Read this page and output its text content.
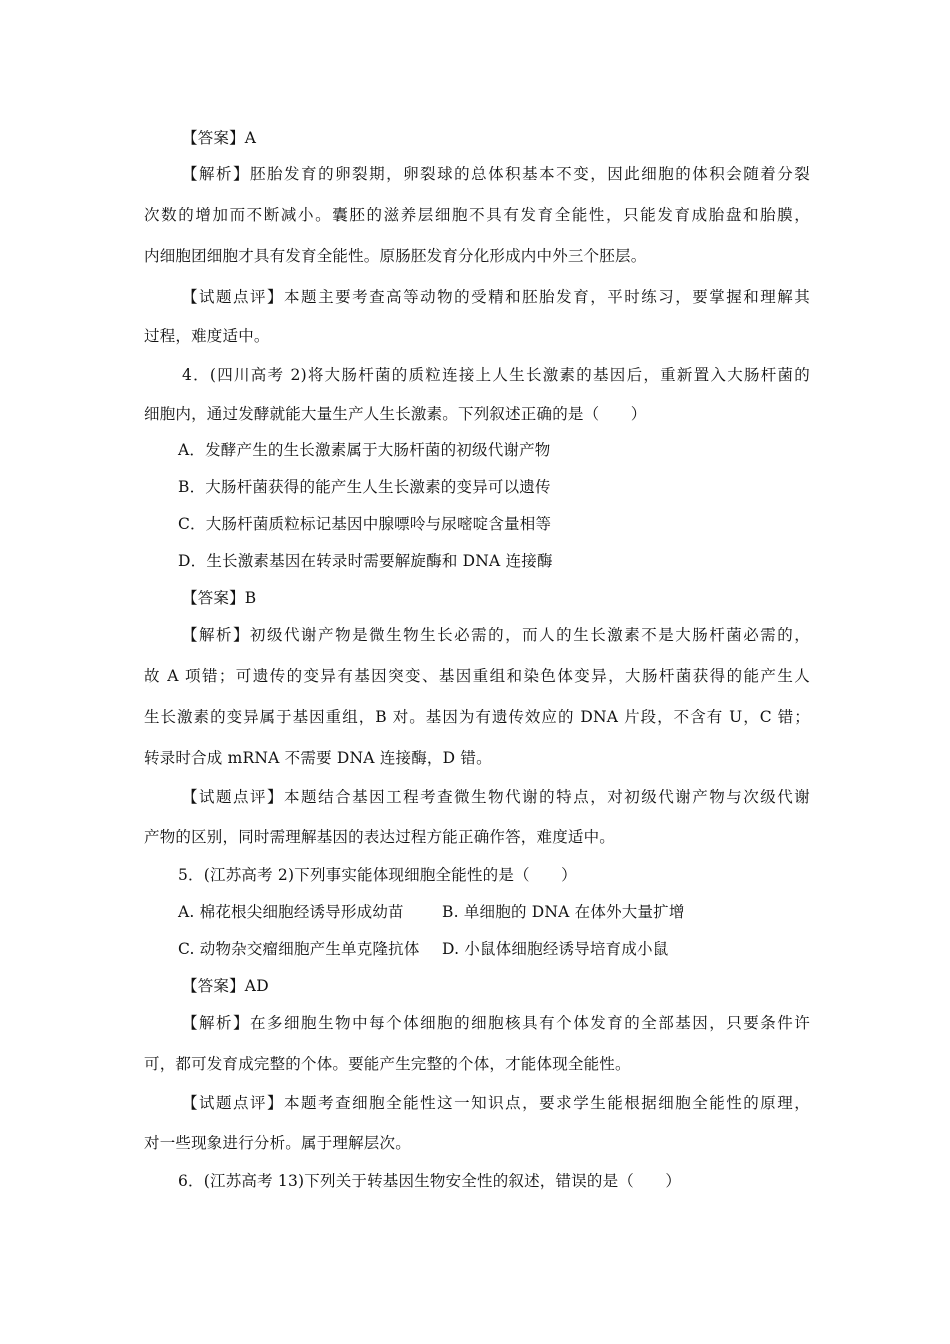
【答案】A
【解析】胚胎发育的卵裂期，卵裂球的总体积基本不变，因此细胞的体积会随着分裂
次数的增加而不断减小。囊胚的滋养层细胞不具有发育全能性，只能发育成胎盘和胎膜，
内细胞团细胞才具有发育全能性。原肠胚发育分化形成内中外三个胚层。
【试题点评】本题主要考查高等动物的受精和胚胎发育，平时练习，要掌握和理解其
过程，难度适中。
4．(四川高考 2)将大肠杆菌的质粒连接上人生长激素的基因后，重新置入大肠杆菌的
细胞内，通过发酵就能大量生产人生长激素。下列叙述正确的是（　　）
A．发酵产生的生长激素属于大肠杆菌的初级代谢产物
B．大肠杆菌获得的能产生人生长激素的变异可以遗传
C．大肠杆菌质粒标记基因中腺嘌呤与尿嘧啶含量相等
D．生长激素基因在转录时需要解旋酶和 DNA 连接酶
【答案】B
【解析】初级代谢产物是微生物生长必需的，而人的生长激素不是大肠杆菌必需的，
故 A 项错；可遗传的变异有基因突变、基因重组和染色体变异，大肠杆菌获得的能产生人
生长激素的变异属于基因重组，B 对。基因为有遗传效应的 DNA 片段，不含有 U，C 错；
转录时合成 mRNA 不需要 DNA 连接酶，D 错。
【试题点评】本题结合基因工程考查微生物代谢的特点，对初级代谢产物与次级代谢
产物的区别，同时需理解基因的表达过程方能正确作答，难度适中。
5．(江苏高考 2)下列事实能体现细胞全能性的是（　　）
A. 棉花根尖细胞经诱导形成幼苗 B. 单细胞的 DNA 在体外大量扩增
C. 动物杂交瘤细胞产生单克隆抗体 D. 小鼠体细胞经诱导培育成小鼠
【答案】AD
【解析】在多细胞生物中每个体细胞的细胞核具有个体发育的全部基因，只要条件许
可，都可发育成完整的个体。要能产生完整的个体，才能体现全能性。
【试题点评】本题考查细胞全能性这一知识点，要求学生能根据细胞全能性的原理，
对一些现象进行分析。属于理解层次。
6．(江苏高考 13)下列关于转基因生物安全性的叙述，错误的是（　　）
